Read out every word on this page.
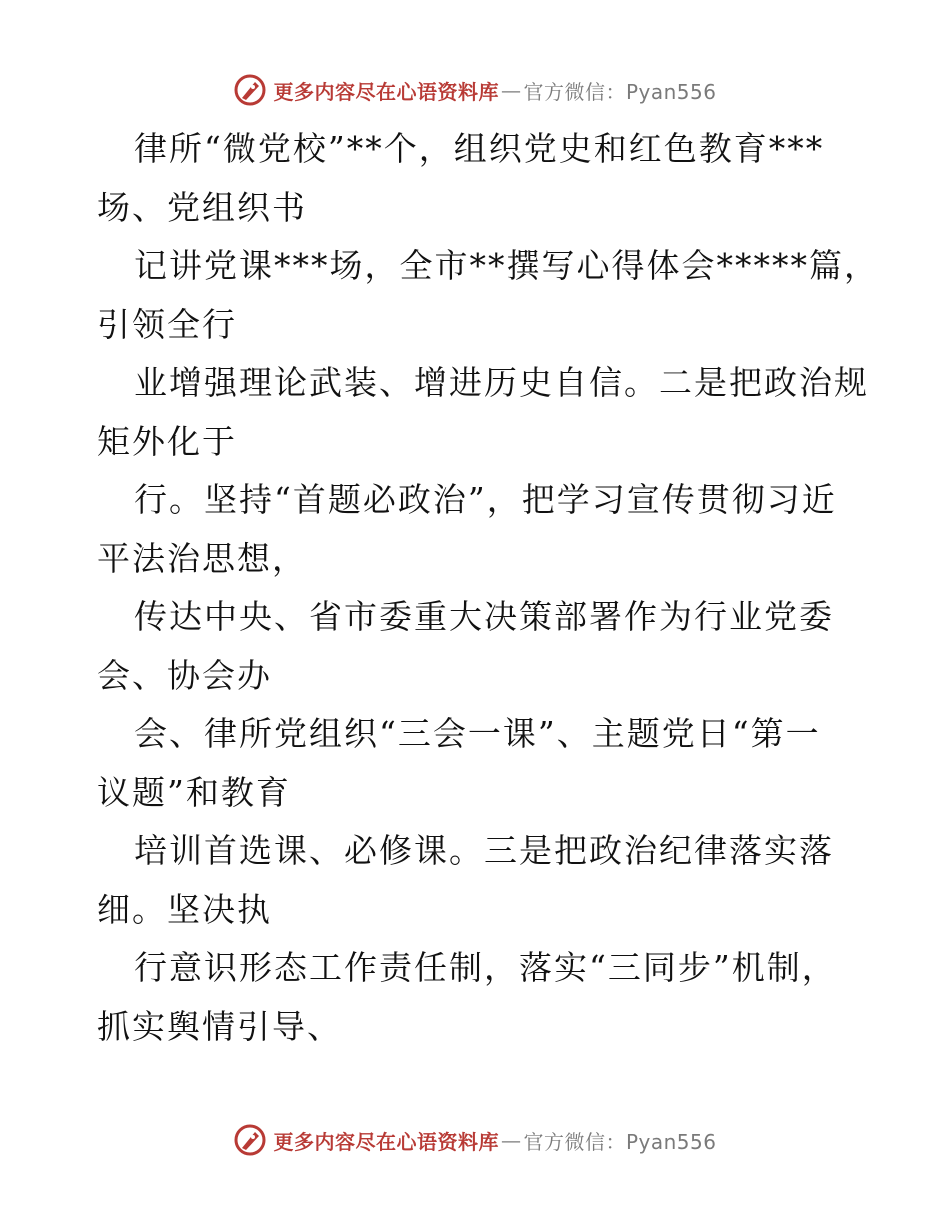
更多内容尽在心语资料库 — 官方微信：Pyan556
律所“微党校”**个，组织党史和红色教育***
场、党组织书
记讲党课***场，全市**撰写心得体会*****篇，
引领全行
业增强理论武装、增进历史自信。二是把政治规
矩外化于
行。坚持“首题必政治”，把学习宣传贯彻习近
平法治思想，
传达中央、省市委重大决策部署作为行业党委
会、协会办
会、律所党组织“三会一课”、主题党日“第一
议题”和教育
培训首选课、必修课。三是把政治纪律落实落
细。坚决执
行意识形态工作责任制，落实“三同步”机制，
抓实舆情引导、
更多内容尽在心语资料库 — 官方微信：Pyan556
